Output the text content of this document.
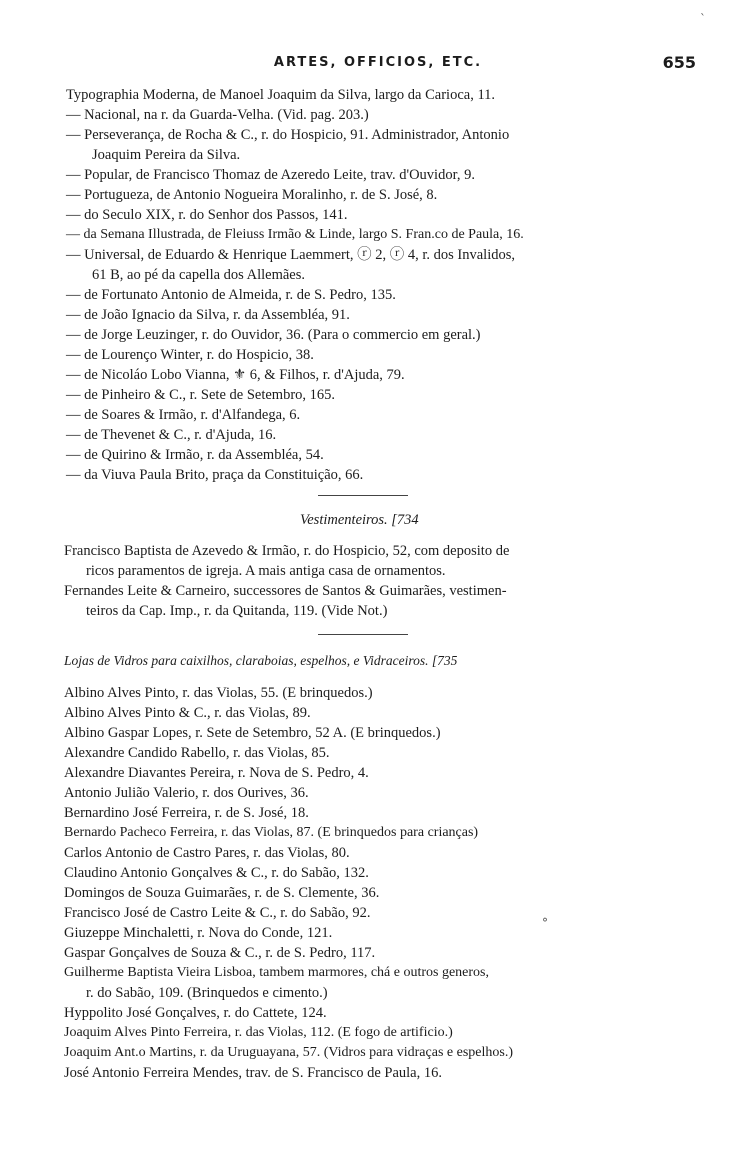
ARTES, OFFICIOS, ETC.	655
Typographia Moderna, de Manoel Joaquim da Silva, largo da Carioca, 11.
— Nacional, na r. da Guarda-Velha. (Vid. pag. 203.)
— Perseverança, de Rocha & C., r. do Hospicio, 91. Administrador, Antonio
Joaquim Pereira da Silva.
— Popular, de Francisco Thomaz de Azeredo Leite, trav. d'Ouvidor, 9.
— Portugueza, de Antonio Nogueira Moralinho, r. de S. José, 8.
— do Seculo XIX, r. do Senhor dos Passos, 141.
— da Semana Illustrada, de Fleiuss Irmão & Linde, largo S. Fran.co de Paula, 16.
— Universal, de Eduardo & Henrique Laemmert, ⓡ 2, ⓡ 4, r. dos Invalidos,
61 B, ao pé da capella dos Allemães.
— de Fortunato Antonio de Almeida, r. de S. Pedro, 135.
— de João Ignacio da Silva, r. da Assembléa, 91.
— de Jorge Leuzinger, r. do Ouvidor, 36. (Para o commercio em geral.)
— de Lourenço Winter, r. do Hospicio, 38.
— de Nicoláo Lobo Vianna, ⚜ 6, & Filhos, r. d'Ajuda, 79.
— de Pinheiro & C., r. Sete de Setembro, 165.
— de Soares & Irmão, r. d'Alfandega, 6.
— de Thevenet & C., r. d'Ajuda, 16.
— de Quirino & Irmão, r. da Assembléa, 54.
— da Viuva Paula Brito, praça da Constituição, 66.
Vestimenteiros. [734
Francisco Baptista de Azevedo & Irmão, r. do Hospicio, 52, com deposito de
ricos paramentos de igreja. A mais antiga casa de ornamentos.
Fernandes Leite & Carneiro, successores de Santos & Guimarães, vestimen-
teiros da Cap. Imp., r. da Quitanda, 119. (Vide Not.)
Lojas de Vidros para caixilhos, claraboias, espelhos, e Vidraceiros. [735
Albino Alves Pinto, r. das Violas, 55. (E brinquedos.)
Albino Alves Pinto & C., r. das Violas, 89.
Albino Gaspar Lopes, r. Sete de Setembro, 52 A. (E brinquedos.)
Alexandre Candido Rabello, r. das Violas, 85.
Alexandre Diavantes Pereira, r. Nova de S. Pedro, 4.
Antonio Julião Valerio, r. dos Ourives, 36.
Bernardino José Ferreira, r. de S. José, 18.
Bernardo Pacheco Ferreira, r. das Violas, 87. (E brinquedos para crianças)
Carlos Antonio de Castro Pares, r. das Violas, 80.
Claudino Antonio Gonçalves & C., r. do Sabão, 132.
Domingos de Souza Guimarães, r. de S. Clemente, 36.
Francisco José de Castro Leite & C., r. do Sabão, 92.
Giuzeppe Minchaletti, r. Nova do Conde, 121.
Gaspar Gonçalves de Souza & C., r. de S. Pedro, 117.
Guilherme Baptista Vieira Lisboa, tambem marmores, chá e outros generos,
r. do Sabão, 109. (Brinquedos e cimento.)
Hyppolito José Gonçalves, r. do Cattete, 124.
Joaquim Alves Pinto Ferreira, r. das Violas, 112. (E fogo de artificio.)
Joaquim Ant.o Martins, r. da Uruguayana, 57. (Vidros para vidraças e espelhos.)
José Antonio Ferreira Mendes, trav. de S. Francisco de Paula, 16.
`
°
